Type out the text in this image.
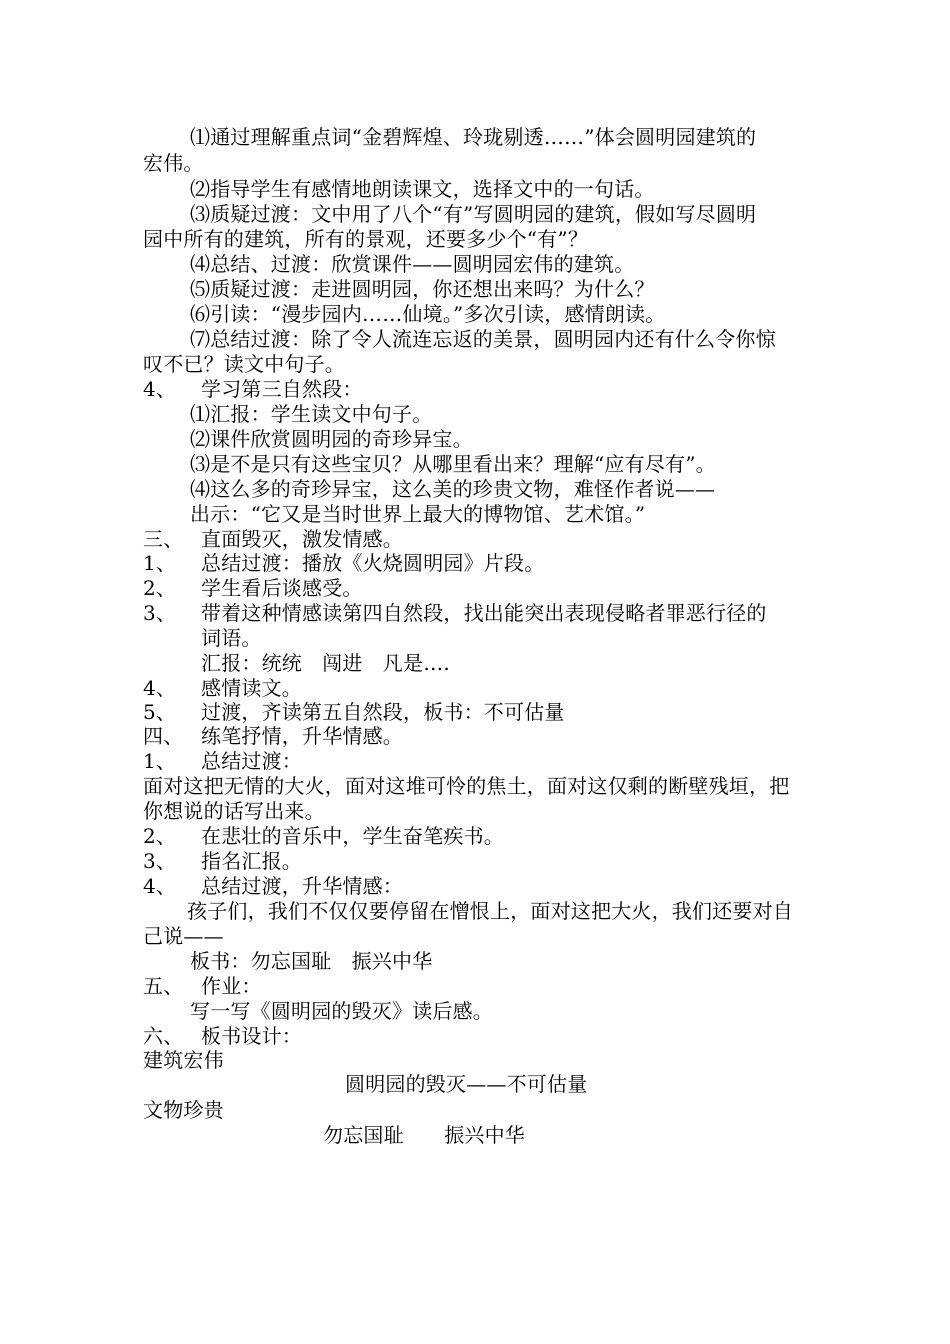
⑴通过理解重点词“金碧辉煌、玲珑剔透……”体会圆明园建筑的
宏伟。
⑵指导学生有感情地朗读课文，选择文中的一句话。
⑶质疑过渡：文中用了八个“有”写圆明园的建筑，假如写尽圆明
园中所有的建筑，所有的景观，还要多少个“有”？
⑷总结、过渡：欣赏课件——圆明园宏伟的建筑。
⑸质疑过渡：走进圆明园，你还想出来吗？为什么？
⑹引读：“漫步园内……仙境。”多次引读，感情朗读。
⑺总结过渡：除了令人流连忘返的美景，圆明园内还有什么令你惊
叹不已？读文中句子。
4、 学习第三自然段：
⑴汇报：学生读文中句子。
⑵课件欣赏圆明园的奇珍异宝。
⑶是不是只有这些宝贝？从哪里看出来？理解“应有尽有”。
⑷这么多的奇珍异宝，这么美的珍贵文物，难怪作者说——
出示：“它又是当时世界上最大的博物馆、艺术馆。”
三、 直面毁灭，激发情感。
1、 总结过渡：播放《火烧圆明园》片段。
2、 学生看后谈感受。
3、 带着这种情感读第四自然段，找出能突出表现侵略者罪恶行径的
词语。
汇报：统统　闯进　凡是….
4、 感情读文。
5、 过渡，齐读第五自然段，板书：不可估量
四、 练笔抒情，升华情感。
1、 总结过渡：
面对这把无情的大火，面对这堆可怜的焦土，面对这仅剩的断壁残垣，把
你想说的话写出来。
2、 在悲壮的音乐中，学生奋笔疾书。
3、 指名汇报。
4、 总结过渡，升华情感：
孩子们，我们不仅仅要停留在憎恨上，面对这把大火，我们还要对自
己说——
板书：勿忘国耻　振兴中华
五、 作业：
写一写《圆明园的毁灭》读后感。
六、 板书设计：
建筑宏伟
圆明园的毁灭——不可估量
文物珍贵
勿忘国耻　　振兴中华
